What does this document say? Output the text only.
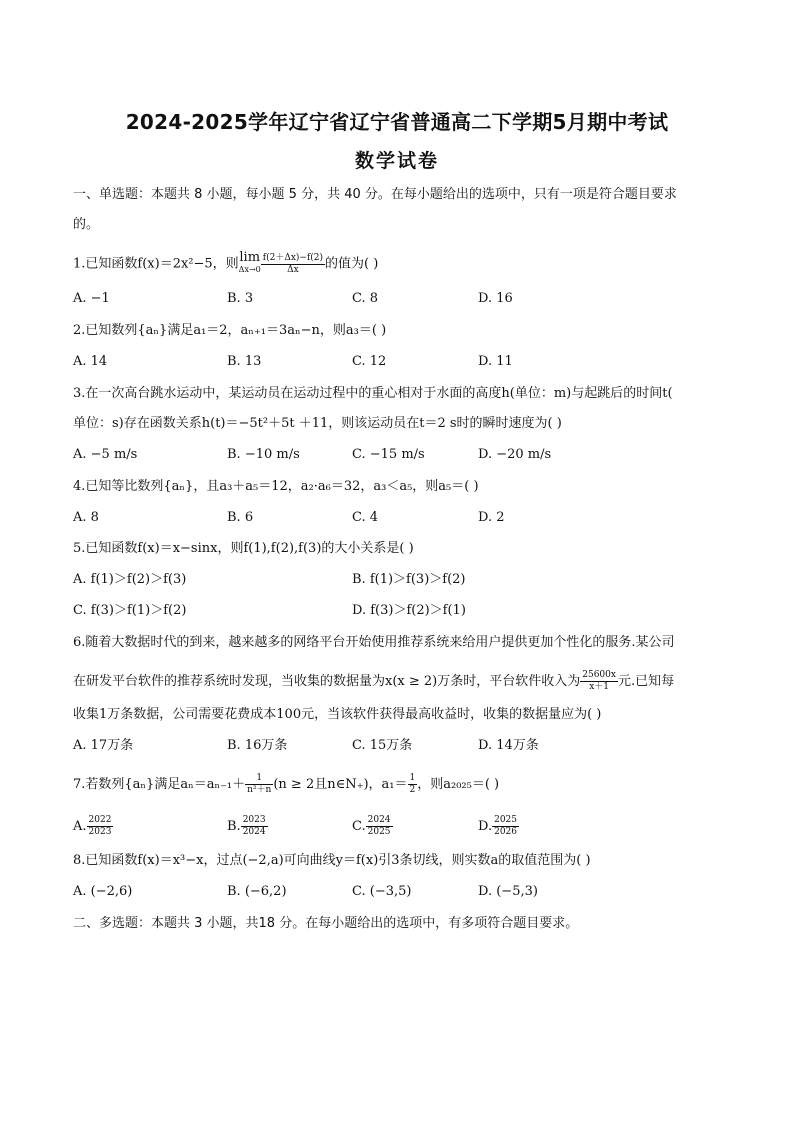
2024-2025学年辽宁省辽宁省普通高二下学期5月期中考试
数学试卷
一、单选题：本题共 8 小题，每小题 5 分，共 40 分。在每小题给出的选项中，只有一项是符合题目要求
的。
1.已知函数f(x)＝2x²−5，则lim
$\Delta x\to 0 \frac{f(2+\Delta x)-f(2)}{\Delta x}$ 的值为( )
A. −1	B. 3	C. 8	D. 16
2.已知数列{aₙ}满足a₁＝2，aₙ₊₁＝3aₙ−n，则a₃＝( )
A. 14	B. 13	C. 12	D. 11
3.在一次高台跳水运动中，某运动员在运动过程中的重心相对于水面的高度h(单位：m)与起跳后的时间t(
单位：s)存在函数关系h(t)＝−5t²＋5t ＋11，则该运动员在t＝2 s时的瞬时速度为( )
A. −5 m/s	B. −10 m/s	C. −15 m/s	D. −20 m/s
4.已知等比数列{aₙ}，且a₃＋a₅＝12，a₂·a₆＝32，a₃＜a₅，则a₅＝( )
A. 8	B. 6	C. 4	D. 2
5.已知函数f(x)＝x−sinx，则f(1),f(2),f(3)的大小关系是( )
A. f(1)＞f(2)＞f(3)	B. f(1)＞f(3)＞f(2)
C. f(3)＞f(1)＞f(2)	D. f(3)＞f(2)＞f(1)
6.随着大数据时代的到来，越来越多的网络平台开始使用推荐系统来给用户提供更加个性化的服务.某公司
在研发平台软件的推荐系统时发现，当收集的数据量为x(x ≥ 2)万条时，平台软件收入为 $\frac{25600x}{x+1}$ 元.已知每
收集1万条数据，公司需要花费成本100元，当该软件获得最高收益时，收集的数据量应为( )
A. 17万条	B. 16万条	C. 15万条	D. 14万条
7.若数列{aₙ}满足$a_n=a_{n-1}+ \frac{1}{\text{n²＋n}} (n \ge 2$且n∈N₊)，$a_1= \frac{1}{2}$ ，则a₂₀₂₅＝( )
A. $\frac{2022}{2023}$	B. $\frac{2023}{2024}$	C. $\frac{2024}{2025}$	D. $\frac{2025}{2026}$
8.已知函数f(x)＝x³−x，过点(−2,a)可向曲线y＝f(x)引3条切线，则实数a的取值范围为( )
A. (−2,6)	B. (−6,2)	C. (−3,5)	D. (−5,3)
二、多选题：本题共 3 小题，共18 分。在每小题给出的选项中，有多项符合题目要求。
